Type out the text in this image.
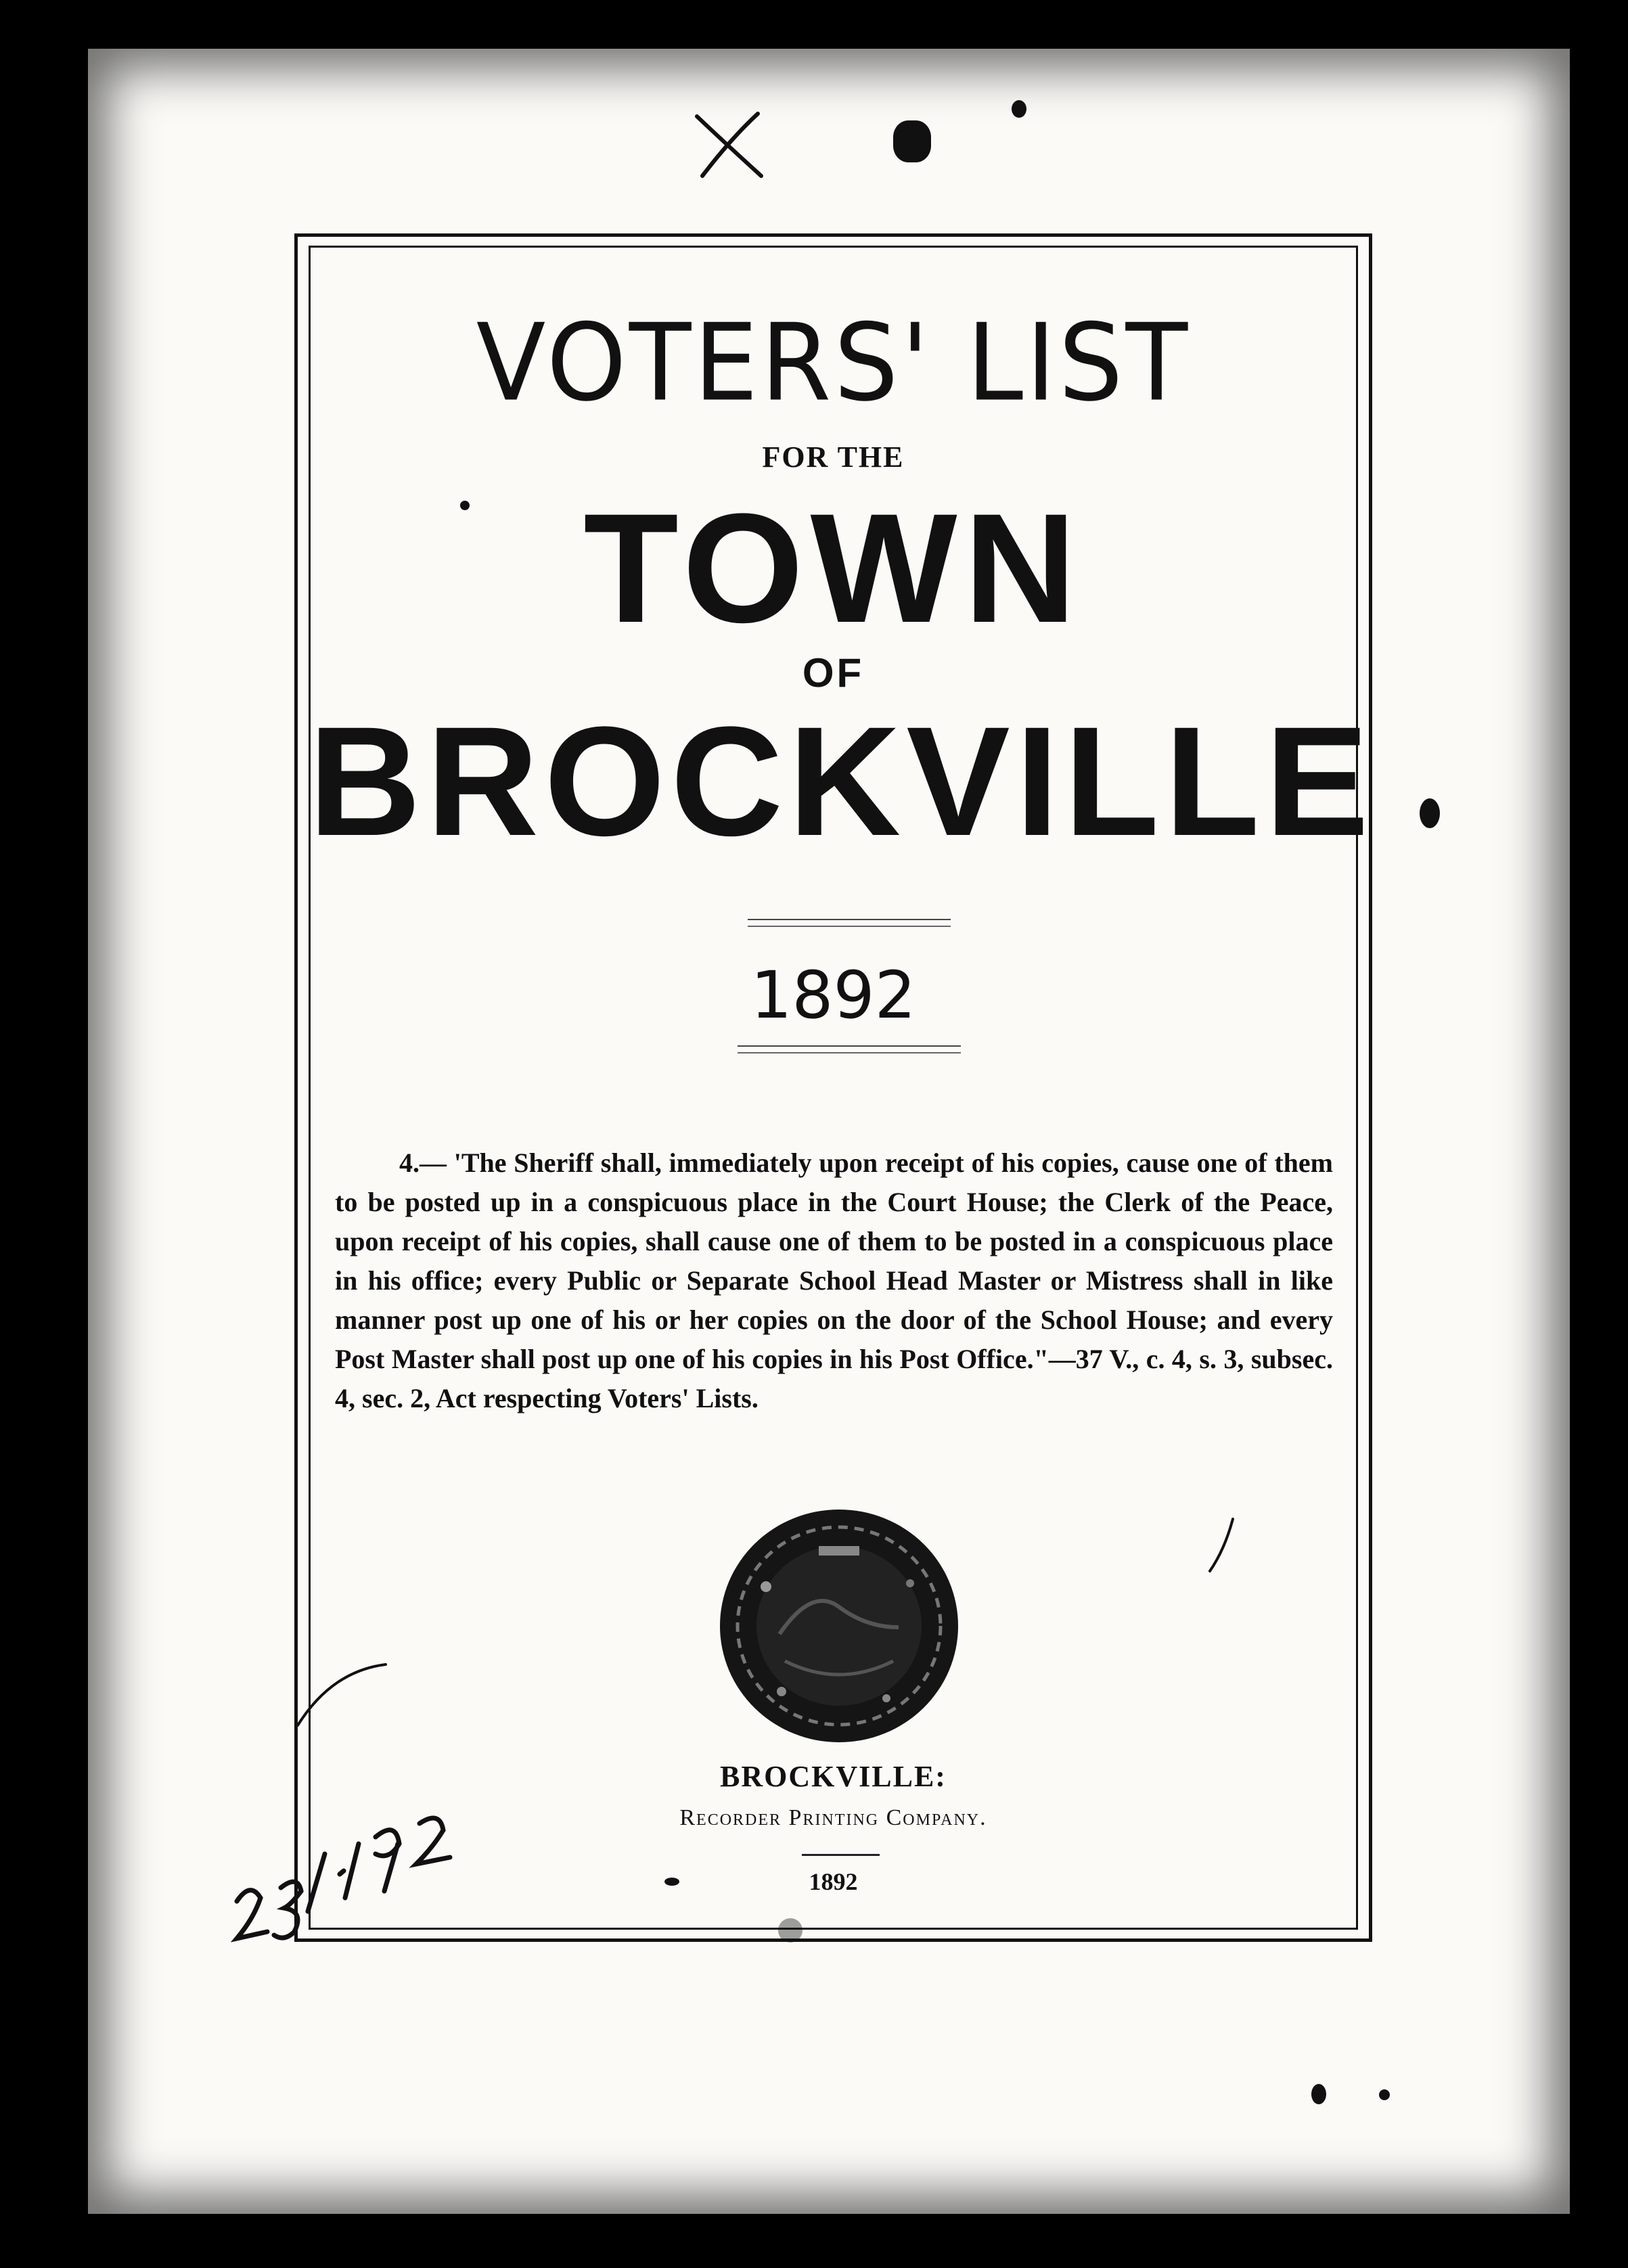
VOTERS' LIST
FOR THE
TOWN
OF
BROCKVILLE
1892
4.— 'The Sheriff shall, immediately upon receipt of his copies, cause one of them to be posted up in a conspicuous place in the Court House; the Clerk of the Peace, upon receipt of his copies, shall cause one of them to be posted in a conspicuous place in his office; every Public or Separate School Head Master or Mistress shall in like manner post up one of his or her copies on the door of the School House; and every Post Master shall post up one of his copies in his Post Office."—37 V., c. 4, s. 3, subsec. 4, sec. 2, Act respecting Voters' Lists.
BROCKVILLE:
Recorder Printing Company.
1892
